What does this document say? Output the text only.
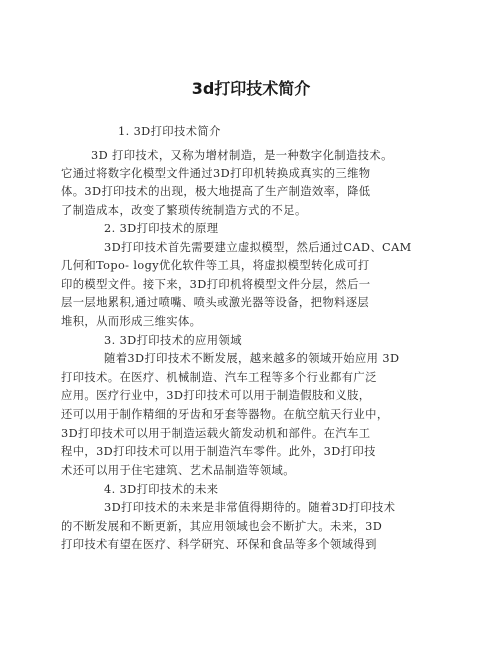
3d打印技术简介
1. 3D打印技术简介
3D 打印技术，又称为增材制造，是一种数字化制造技术。
它通过将数字化模型文件通过3D打印机转换成真实的三维物
体。3D打印技术的出现，极大地提高了生产制造效率，降低
了制造成本，改变了繁琐传统制造方式的不足。
2. 3D打印技术的原理
3D打印技术首先需要建立虚拟模型，然后通过CAD、CAM
几何和Topo- logy优化软件等工具，将虚拟模型转化成可打
印的模型文件。接下来，3D打印机将模型文件分层，然后一
层一层地累积,通过喷嘴、喷头或激光器等设备，把物料逐层
堆积，从而形成三维实体。
3. 3D打印技术的应用领域
随着3D打印技术不断发展，越来越多的领域开始应用 3D
打印技术。在医疗、机械制造、汽车工程等多个行业都有广泛
应用。医疗行业中，3D打印技术可以用于制造假肢和义肢，
还可以用于制作精细的牙齿和牙套等器物。在航空航天行业中，
3D打印技术可以用于制造运载火箭发动机和部件。在汽车工
程中，3D打印技术可以用于制造汽车零件。此外，3D打印技
术还可以用于住宅建筑、艺术品制造等领域。
4. 3D打印技术的未来
3D打印技术的未来是非常值得期待的。随着3D打印技术
的不断发展和不断更新，其应用领域也会不断扩大。未来，3D
打印技术有望在医疗、科学研究、环保和食品等多个领域得到
